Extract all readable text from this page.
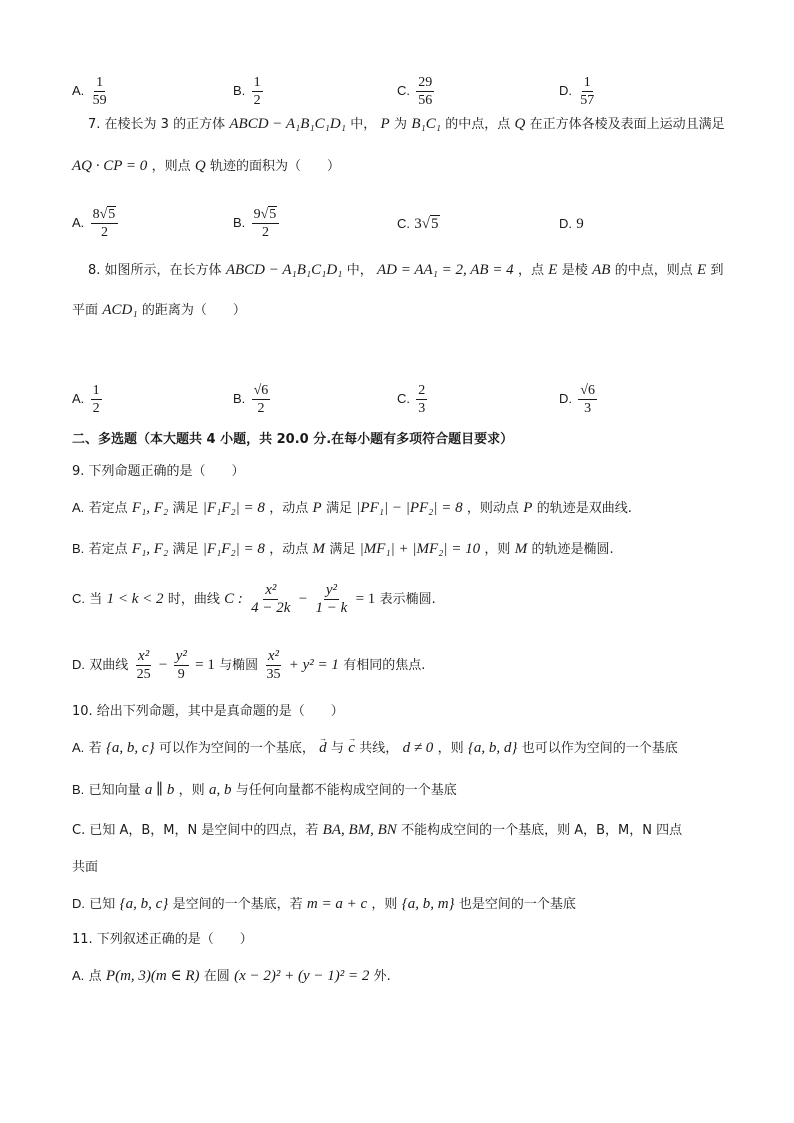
A. $\frac{1}{59}$	B. $\frac{1}{2}$	C. $\frac{29}{56}$	D. $\frac{1}{57}$
7. 在棱长为 3 的正方体 ABCD − A₁B₁C₁D₁ 中， P 为 B₁C₁ 的中点，点 Q 在正方体各棱及表面上运动且满足
AQ · CP = 0 ，则点 Q 轨迹的面积为（　　）
A. $\frac{8√5}{2}$	B. $\frac{9√5}{2}$	C. 3√5	D. 9
8. 如图所示，在长方体 ABCD − A₁B₁C₁D₁ 中， AD = AA₁ = 2, AB = 4 ，点 E 是棱 AB 的中点，则点 E 到
平面 ACD₁ 的距离为（　　）
A. $\frac{1}{2}$	B. $\frac{√6}{2}$	C. $\frac{2}{3}$	D. $\frac{√6}{3}$
二、多选题（本大题共 4 小题，共 20.0 分.在每小题有多项符合题目要求）
9. 下列命题正确的是（　　）
A. 若定点 F₁, F₂ 满足 |F₁F₂| = 8 ，动点 P 满足 |PF₁| − |PF₂| = 8 ，则动点 P 的轨迹是双曲线.
B. 若定点 F₁, F₂ 满足 |F₁F₂| = 8 ，动点 M 满足 |MF₁| + |MF₂| = 10 ，则 M 的轨迹是椭圆.
C. 当 1 < k < 2 时，曲线 C : $\frac{\text{x²}}{4 - 2k} - \frac{\text{y²}}{1 - k} = 1$ 表示椭圆.
D. 双曲线 $\frac{\text{x²}}{25} - \frac{\text{y²}}{9} = 1$ 与椭圆 $\frac{\text{x²}}{35} + y^2 = 1$ 有相同的焦点.
10. 给出下列命题，其中是真命题的是（　　）
A. 若 {a, b, c} 可以作为空间的一个基底， → d 与 → c 共线， d ≠ 0 ，则 {a, b, d} 也可以作为空间的一个基底
B. 已知向量 a ∥ b ，则 a, b 与任何向量都不能构成空间的一个基底
C. 已知 A，B，M，N 是空间中的四点，若 BA, BM, BN 不能构成空间的一个基底，则 A，B，M，N 四点
共面
D. 已知 {a, b, c} 是空间的一个基底，若 m = a + c ，则 {a, b, m} 也是空间的一个基底
11. 下列叙述正确的是（　　）
A. 点 P(m, 3)(m ∈ R) 在圆 (x − 2)² + (y − 1)² = 2 外.
